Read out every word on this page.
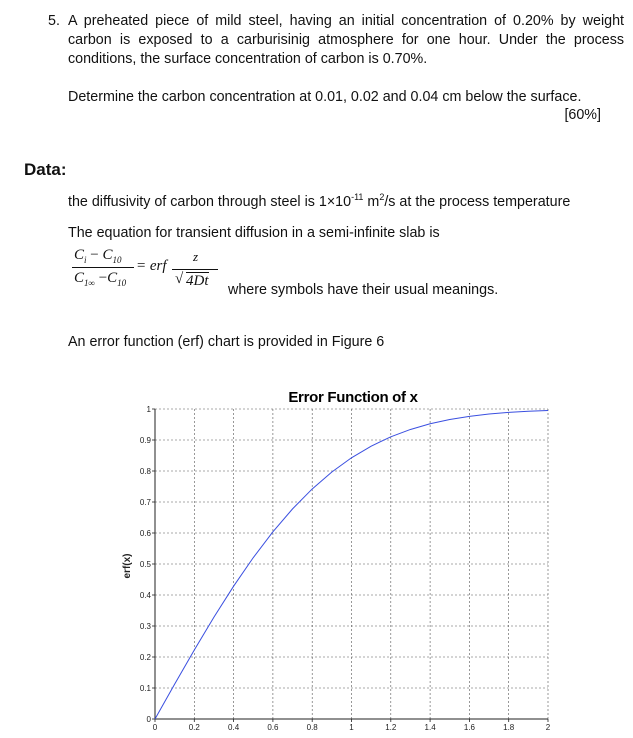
5. A preheated piece of mild steel, having an initial concentration of 0.20% by weight carbon is exposed to a carburisinig atmosphere for one hour. Under the process conditions, the surface concentration of carbon is 0.70%.

Determine the carbon concentration at 0.01, 0.02 and 0.04 cm below the surface.
[60%]
Data:
the diffusivity of carbon through steel is $1\times 10^{-11}$ $m^2/s$ at the process temperature
The equation for transient diffusion in a semi-infinite slab is
$C_i - C_{10}$
$C_{1\infty} -C_{10}$
= erf
z
√ 4Dt
where symbols have their usual meanings.
An error function (erf) chart is provided in Figure 6
Error Function of x
erf(x)
0	0.2	0.4	0.6	0.8	1	1.2	1.4	1.6	1.8	2
0
0.1
0.2
0.3
0.4
0.5
0.6
0.7
0.8
0.9
1
